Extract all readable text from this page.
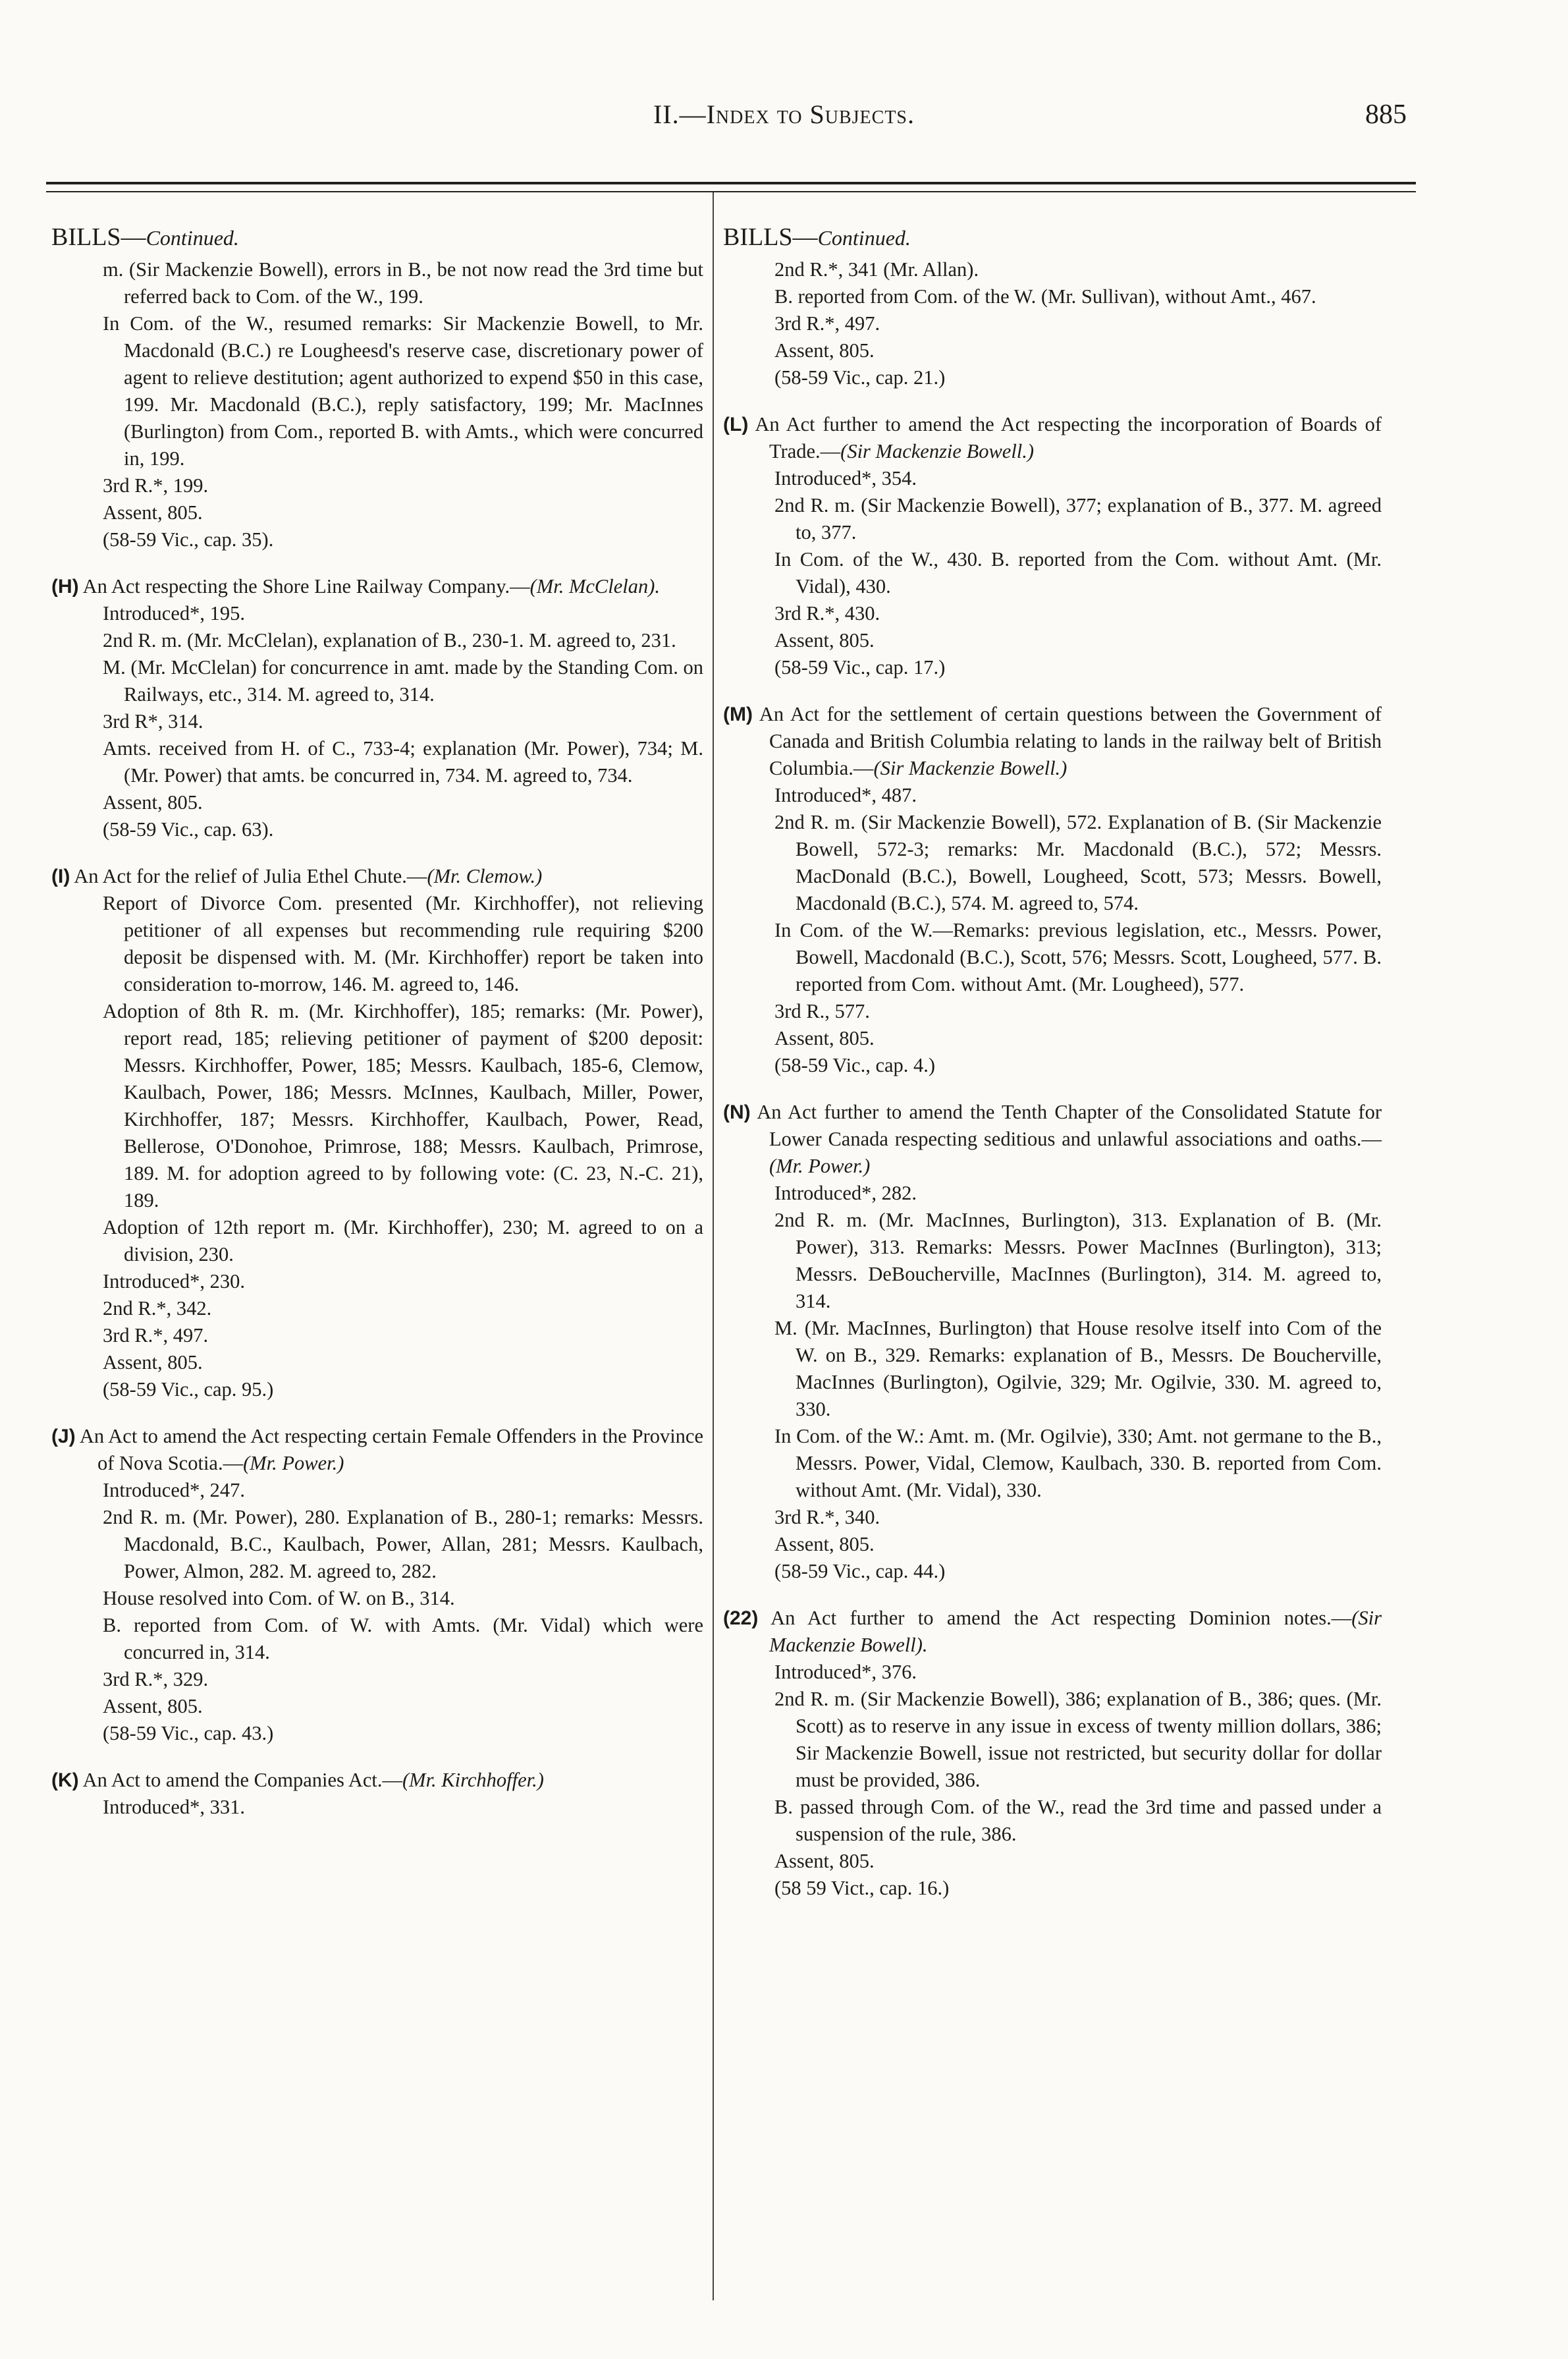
II.—Index to Subjects.	885
BILLS—Continued.
m. (Sir Mackenzie Bowell), errors in B., be not now read the 3rd time but referred back to Com. of the W., 199.
In Com. of the W., resumed remarks: Sir Mackenzie Bowell, to Mr. Macdonald (B.C.) re Lougheesd's reserve case, discretionary power of agent to relieve destitution; agent authorized to expend $50 in this case, 199. Mr. Macdonald (B.C.), reply satisfactory, 199; Mr. MacInnes (Burlington) from Com., reported B. with Amts., which were concurred in, 199.
3rd R.*, 199.
Assent, 805.
(58-59 Vic., cap. 35).
(H) An Act respecting the Shore Line Railway Company.—(Mr. McClelan).
Introduced*, 195.
2nd R. m. (Mr. McClelan), explanation of B., 230-1. M. agreed to, 231.
M. (Mr. McClelan) for concurrence in amt. made by the Standing Com. on Railways, etc., 314. M. agreed to, 314.
3rd R*, 314.
Amts. received from H. of C., 733-4; explanation (Mr. Power), 734; M. (Mr. Power) that amts. be concurred in, 734. M. agreed to, 734.
Assent, 805.
(58-59 Vic., cap. 63).
(I) An Act for the relief of Julia Ethel Chute.—(Mr. Clemow.)
Report of Divorce Com. presented (Mr. Kirchhoffer), not relieving petitioner of all expenses but recommending rule requiring $200 deposit be dispensed with. M. (Mr. Kirchhoffer) report be taken into consideration to-morrow, 146. M. agreed to, 146.
Adoption of 8th R. m. (Mr. Kirchhoffer), 185; remarks: (Mr. Power), report read, 185; relieving petitioner of payment of $200 deposit: Messrs. Kirchhoffer, Power, 185; Messrs. Kaulbach, 185-6, Clemow, Kaulbach, Power, 186; Messrs. McInnes, Kaulbach, Miller, Power, Kirchhoffer, 187; Messrs. Kirchhoffer, Kaulbach, Power, Read, Bellerose, O'Donohoe, Primrose, 188; Messrs. Kaulbach, Primrose, 189. M. for adoption agreed to by following vote: (C. 23, N.-C. 21), 189.
Adoption of 12th report m. (Mr. Kirchhoffer), 230; M. agreed to on a division, 230.
Introduced*, 230.
2nd R.*, 342.
3rd R.*, 497.
Assent, 805.
(58-59 Vic., cap. 95.)
(J) An Act to amend the Act respecting certain Female Offenders in the Province of Nova Scotia.—(Mr. Power.)
Introduced*, 247.
2nd R. m. (Mr. Power), 280. Explanation of B., 280-1; remarks: Messrs. Macdonald, B.C., Kaulbach, Power, Allan, 281; Messrs. Kaulbach, Power, Almon, 282. M. agreed to, 282.
House resolved into Com. of W. on B., 314.
B. reported from Com. of W. with Amts. (Mr. Vidal) which were concurred in, 314.
3rd R.*, 329.
Assent, 805.
(58-59 Vic., cap. 43.)
(K) An Act to amend the Companies Act.—(Mr. Kirchhoffer.)
Introduced*, 331.
BILLS—Continued.
2nd R.*, 341 (Mr. Allan).
B. reported from Com. of the W. (Mr. Sullivan), without Amt., 467.
3rd R.*, 497.
Assent, 805.
(58-59 Vic., cap. 21.)
(L) An Act further to amend the Act respecting the incorporation of Boards of Trade.—(Sir Mackenzie Bowell.)
Introduced*, 354.
2nd R. m. (Sir Mackenzie Bowell), 377; explanation of B., 377. M. agreed to, 377.
In Com. of the W., 430. B. reported from the Com. without Amt. (Mr. Vidal), 430.
3rd R.*, 430.
Assent, 805.
(58-59 Vic., cap. 17.)
(M) An Act for the settlement of certain questions between the Government of Canada and British Columbia relating to lands in the railway belt of British Columbia.—(Sir Mackenzie Bowell.)
Introduced*, 487.
2nd R. m. (Sir Mackenzie Bowell), 572. Explanation of B. (Sir Mackenzie Bowell, 572-3; remarks: Mr. Macdonald (B.C.), 572; Messrs. MacDonald (B.C.), Bowell, Lougheed, Scott, 573; Messrs. Bowell, Macdonald (B.C.), 574. M. agreed to, 574.
In Com. of the W.—Remarks: previous legislation, etc., Messrs. Power, Bowell, Macdonald (B.C.), Scott, 576; Messrs. Scott, Lougheed, 577. B. reported from Com. without Amt. (Mr. Lougheed), 577.
3rd R., 577.
Assent, 805.
(58-59 Vic., cap. 4.)
(N) An Act further to amend the Tenth Chapter of the Consolidated Statute for Lower Canada respecting seditious and unlawful associations and oaths.—(Mr. Power.)
Introduced*, 282.
2nd R. m. (Mr. MacInnes, Burlington), 313. Explanation of B. (Mr. Power), 313. Remarks: Messrs. Power MacInnes (Burlington), 313; Messrs. DeBoucherville, MacInnes (Burlington), 314. M. agreed to, 314.
M. (Mr. MacInnes, Burlington) that House resolve itself into Com of the W. on B., 329. Remarks: explanation of B., Messrs. De Boucherville, MacInnes (Burlington), Ogilvie, 329; Mr. Ogilvie, 330. M. agreed to, 330.
In Com. of the W.: Amt. m. (Mr. Ogilvie), 330; Amt. not germane to the B., Messrs. Power, Vidal, Clemow, Kaulbach, 330. B. reported from Com. without Amt. (Mr. Vidal), 330.
3rd R.*, 340.
Assent, 805.
(58-59 Vic., cap. 44.)
(22) An Act further to amend the Act respecting Dominion notes.—(Sir Mackenzie Bowell).
Introduced*, 376.
2nd R. m. (Sir Mackenzie Bowell), 386; explanation of B., 386; ques. (Mr. Scott) as to reserve in any issue in excess of twenty million dollars, 386; Sir Mackenzie Bowell, issue not restricted, but security dollar for dollar must be provided, 386.
B. passed through Com. of the W., read the 3rd time and passed under a suspension of the rule, 386.
Assent, 805.
(58 59 Vict., cap. 16.)
